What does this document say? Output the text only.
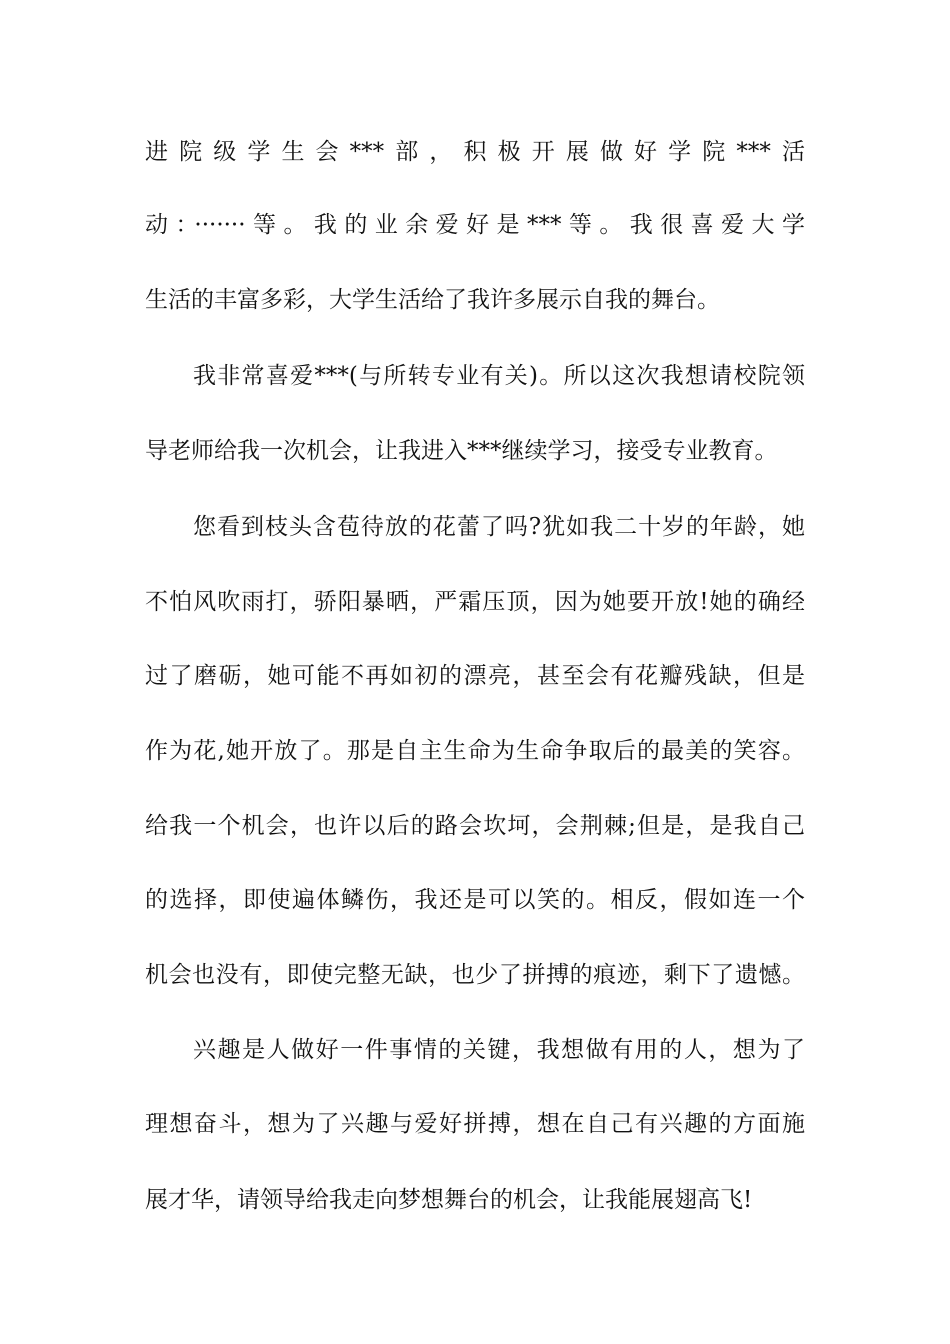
进院级学生会***部，积极开展做好学院***活
动：·······等。我的业余爱好是***等。我很喜爱大学
生活的丰富多彩，大学生活给了我许多展示自我的舞台。
我非常喜爱***(与所转专业有关)。所以这次我想请校院领
导老师给我一次机会，让我进入***继续学习，接受专业教育。
您看到枝头含苞待放的花蕾了吗?犹如我二十岁的年龄，她
不怕风吹雨打，骄阳暴晒，严霜压顶，因为她要开放!她的确经
过了磨砺，她可能不再如初的漂亮，甚至会有花瓣残缺，但是
作为花,她开放了。那是自主生命为生命争取后的最美的笑容。
给我一个机会，也许以后的路会坎坷，会荆棘;但是，是我自己
的选择，即使遍体鳞伤，我还是可以笑的。相反，假如连一个
机会也没有，即使完整无缺，也少了拼搏的痕迹，剩下了遗憾。
兴趣是人做好一件事情的关键，我想做有用的人，想为了
理想奋斗，想为了兴趣与爱好拼搏，想在自己有兴趣的方面施
展才华，请领导给我走向梦想舞台的机会，让我能展翅高飞!
